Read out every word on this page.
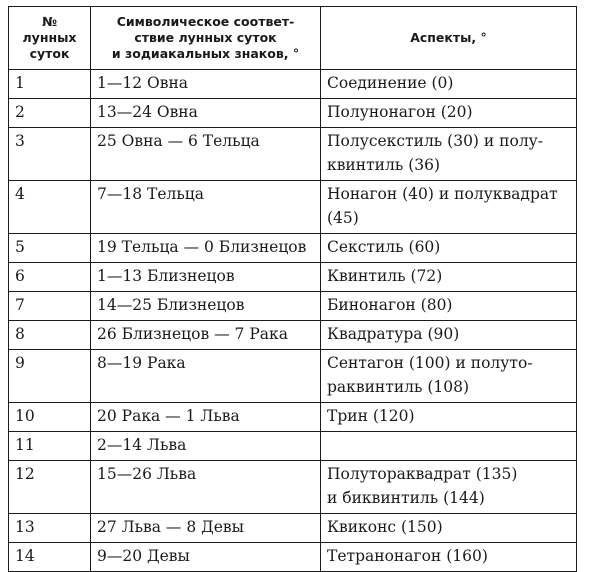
№
лунных
суток	Символическое соответ-
ствие лунных суток
и зодиакальных знаков, °	Аспекты, °

1	1—12 Овна	Соединение (0)

2	13—24 Овна	Полунонагон (20)

3	25 Овна — 6 Тельца	Полусекстиль (30) и полу-
квинтиль (36)

4	7—18 Тельца	Нонагон (40) и полуквадрат
(45)

5	19 Тельца — 0 Близнецов	Секстиль (60)

6	1—13 Близнецов	Квинтиль (72)

7	14—25 Близнецов	Бинонагон (80)

8	26 Близнецов — 7 Рака	Квадратура (90)

9	8—19 Рака	Сентагон (100) и полуто-
раквинтиль (108)

10	20 Рака — 1 Льва	Трин (120)

11	2—14 Льва	
12	15—26 Льва	Полутораквадрат (135)
и биквинтиль (144)

13	27 Льва — 8 Девы	Квиконс (150)

14	9—20 Девы	Тетранонагон (160)
